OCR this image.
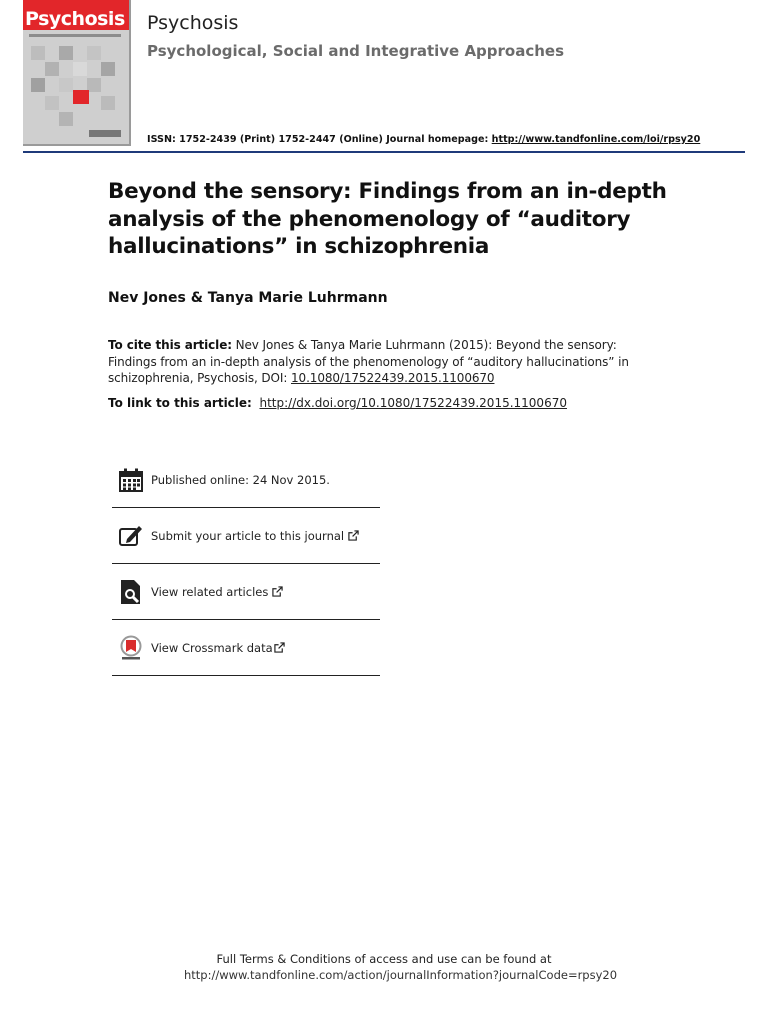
Psychosis Psychosis
Psychological, Social and Integrative Approaches
ISSN: 1752-2439 (Print) 1752-2447 (Online) Journal homepage: http://www.tandfonline.com/loi/rpsy20
Beyond the sensory: Findings from an in-depth analysis of the phenomenology of “auditory hallucinations” in schizophrenia
Nev Jones & Tanya Marie Luhrmann
To cite this article: Nev Jones & Tanya Marie Luhrmann (2015): Beyond the sensory: Findings from an in-depth analysis of the phenomenology of “auditory hallucinations” in schizophrenia, Psychosis, DOI: 10.1080/17522439.2015.1100670
To link to this article: http://dx.doi.org/10.1080/17522439.2015.1100670
Published online: 24 Nov 2015.
Submit your article to this journal
View related articles
View Crossmark data
Full Terms & Conditions of access and use can be found at
http://www.tandfonline.com/action/journalInformation?journalCode=rpsy20
